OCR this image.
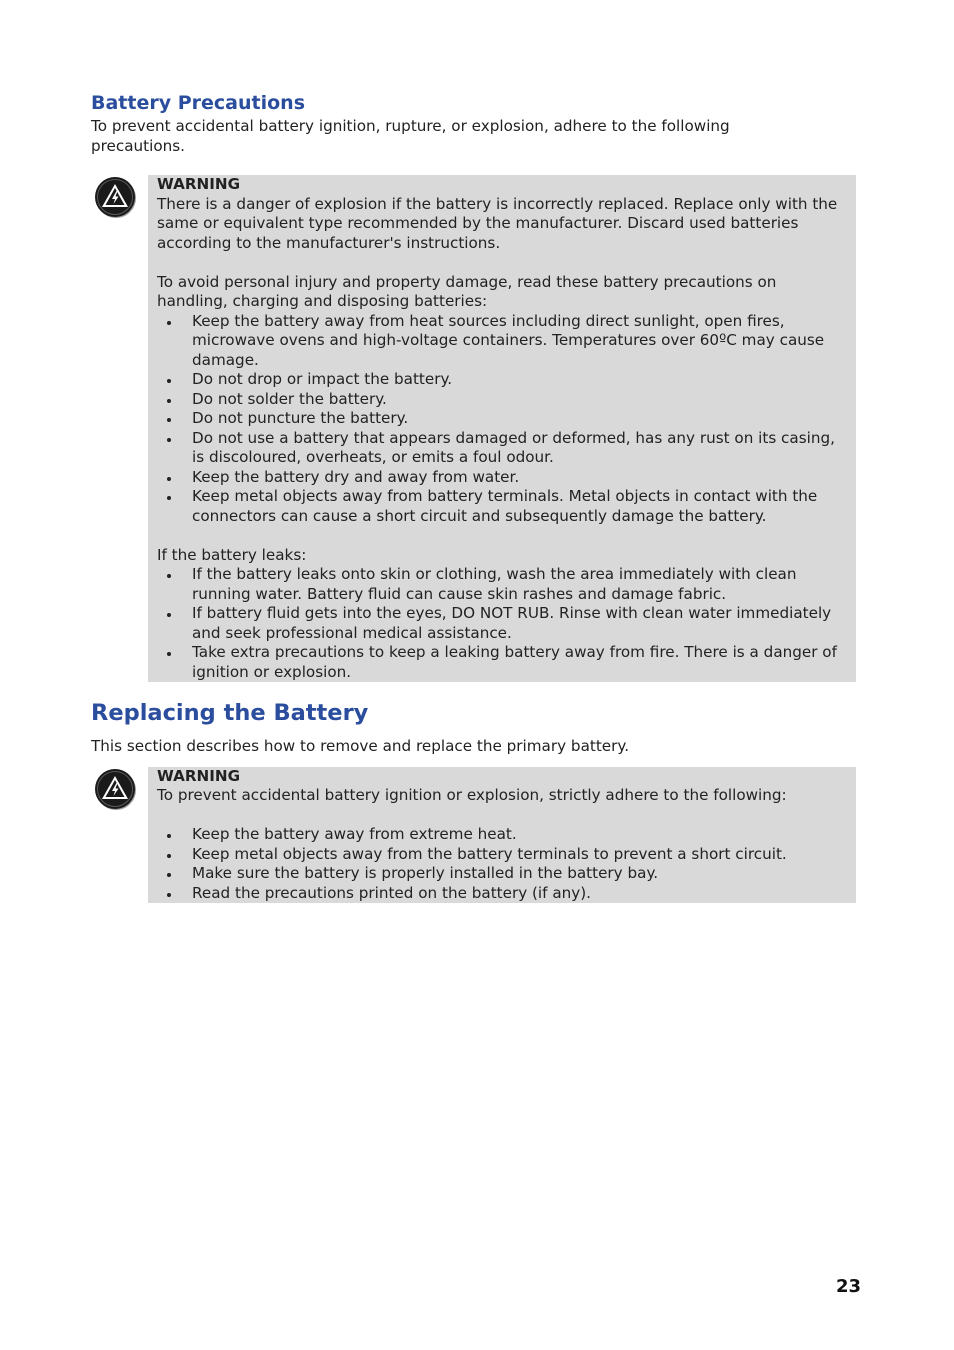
Battery Precautions

To prevent accidental battery ignition, rupture, or explosion, adhere to the following precautions.

WARNING

There is a danger of explosion if the battery is incorrectly replaced. Replace only with the same or equivalent type recommended by the manufacturer. Discard used batteries according to the manufacturer's instructions.

To avoid personal injury and property damage, read these battery precautions on handling, charging and disposing batteries:

Keep the battery away from heat sources including direct sunlight, open fires, microwave ovens and high-voltage containers. Temperatures over 60ºC may cause damage.
Do not drop or impact the battery.
Do not solder the battery.
Do not puncture the battery.
Do not use a battery that appears damaged or deformed, has any rust on its casing, is discoloured, overheats, or emits a foul odour.
Keep the battery dry and away from water.
Keep metal objects away from battery terminals. Metal objects in contact with the connectors can cause a short circuit and subsequently damage the battery.

If the battery leaks:

If the battery leaks onto skin or clothing, wash the area immediately with clean running water. Battery fluid can cause skin rashes and damage fabric.
If battery fluid gets into the eyes, DO NOT RUB. Rinse with clean water immediately and seek professional medical assistance.
Take extra precautions to keep a leaking battery away from fire. There is a danger of ignition or explosion.
Replacing the Battery

This section describes how to remove and replace the primary battery.

WARNING

To prevent accidental battery ignition or explosion, strictly adhere to the following:

Keep the battery away from extreme heat.
Keep metal objects away from the battery terminals to prevent a short circuit.
Make sure the battery is properly installed in the battery bay.
Read the precautions printed on the battery (if any).
23
